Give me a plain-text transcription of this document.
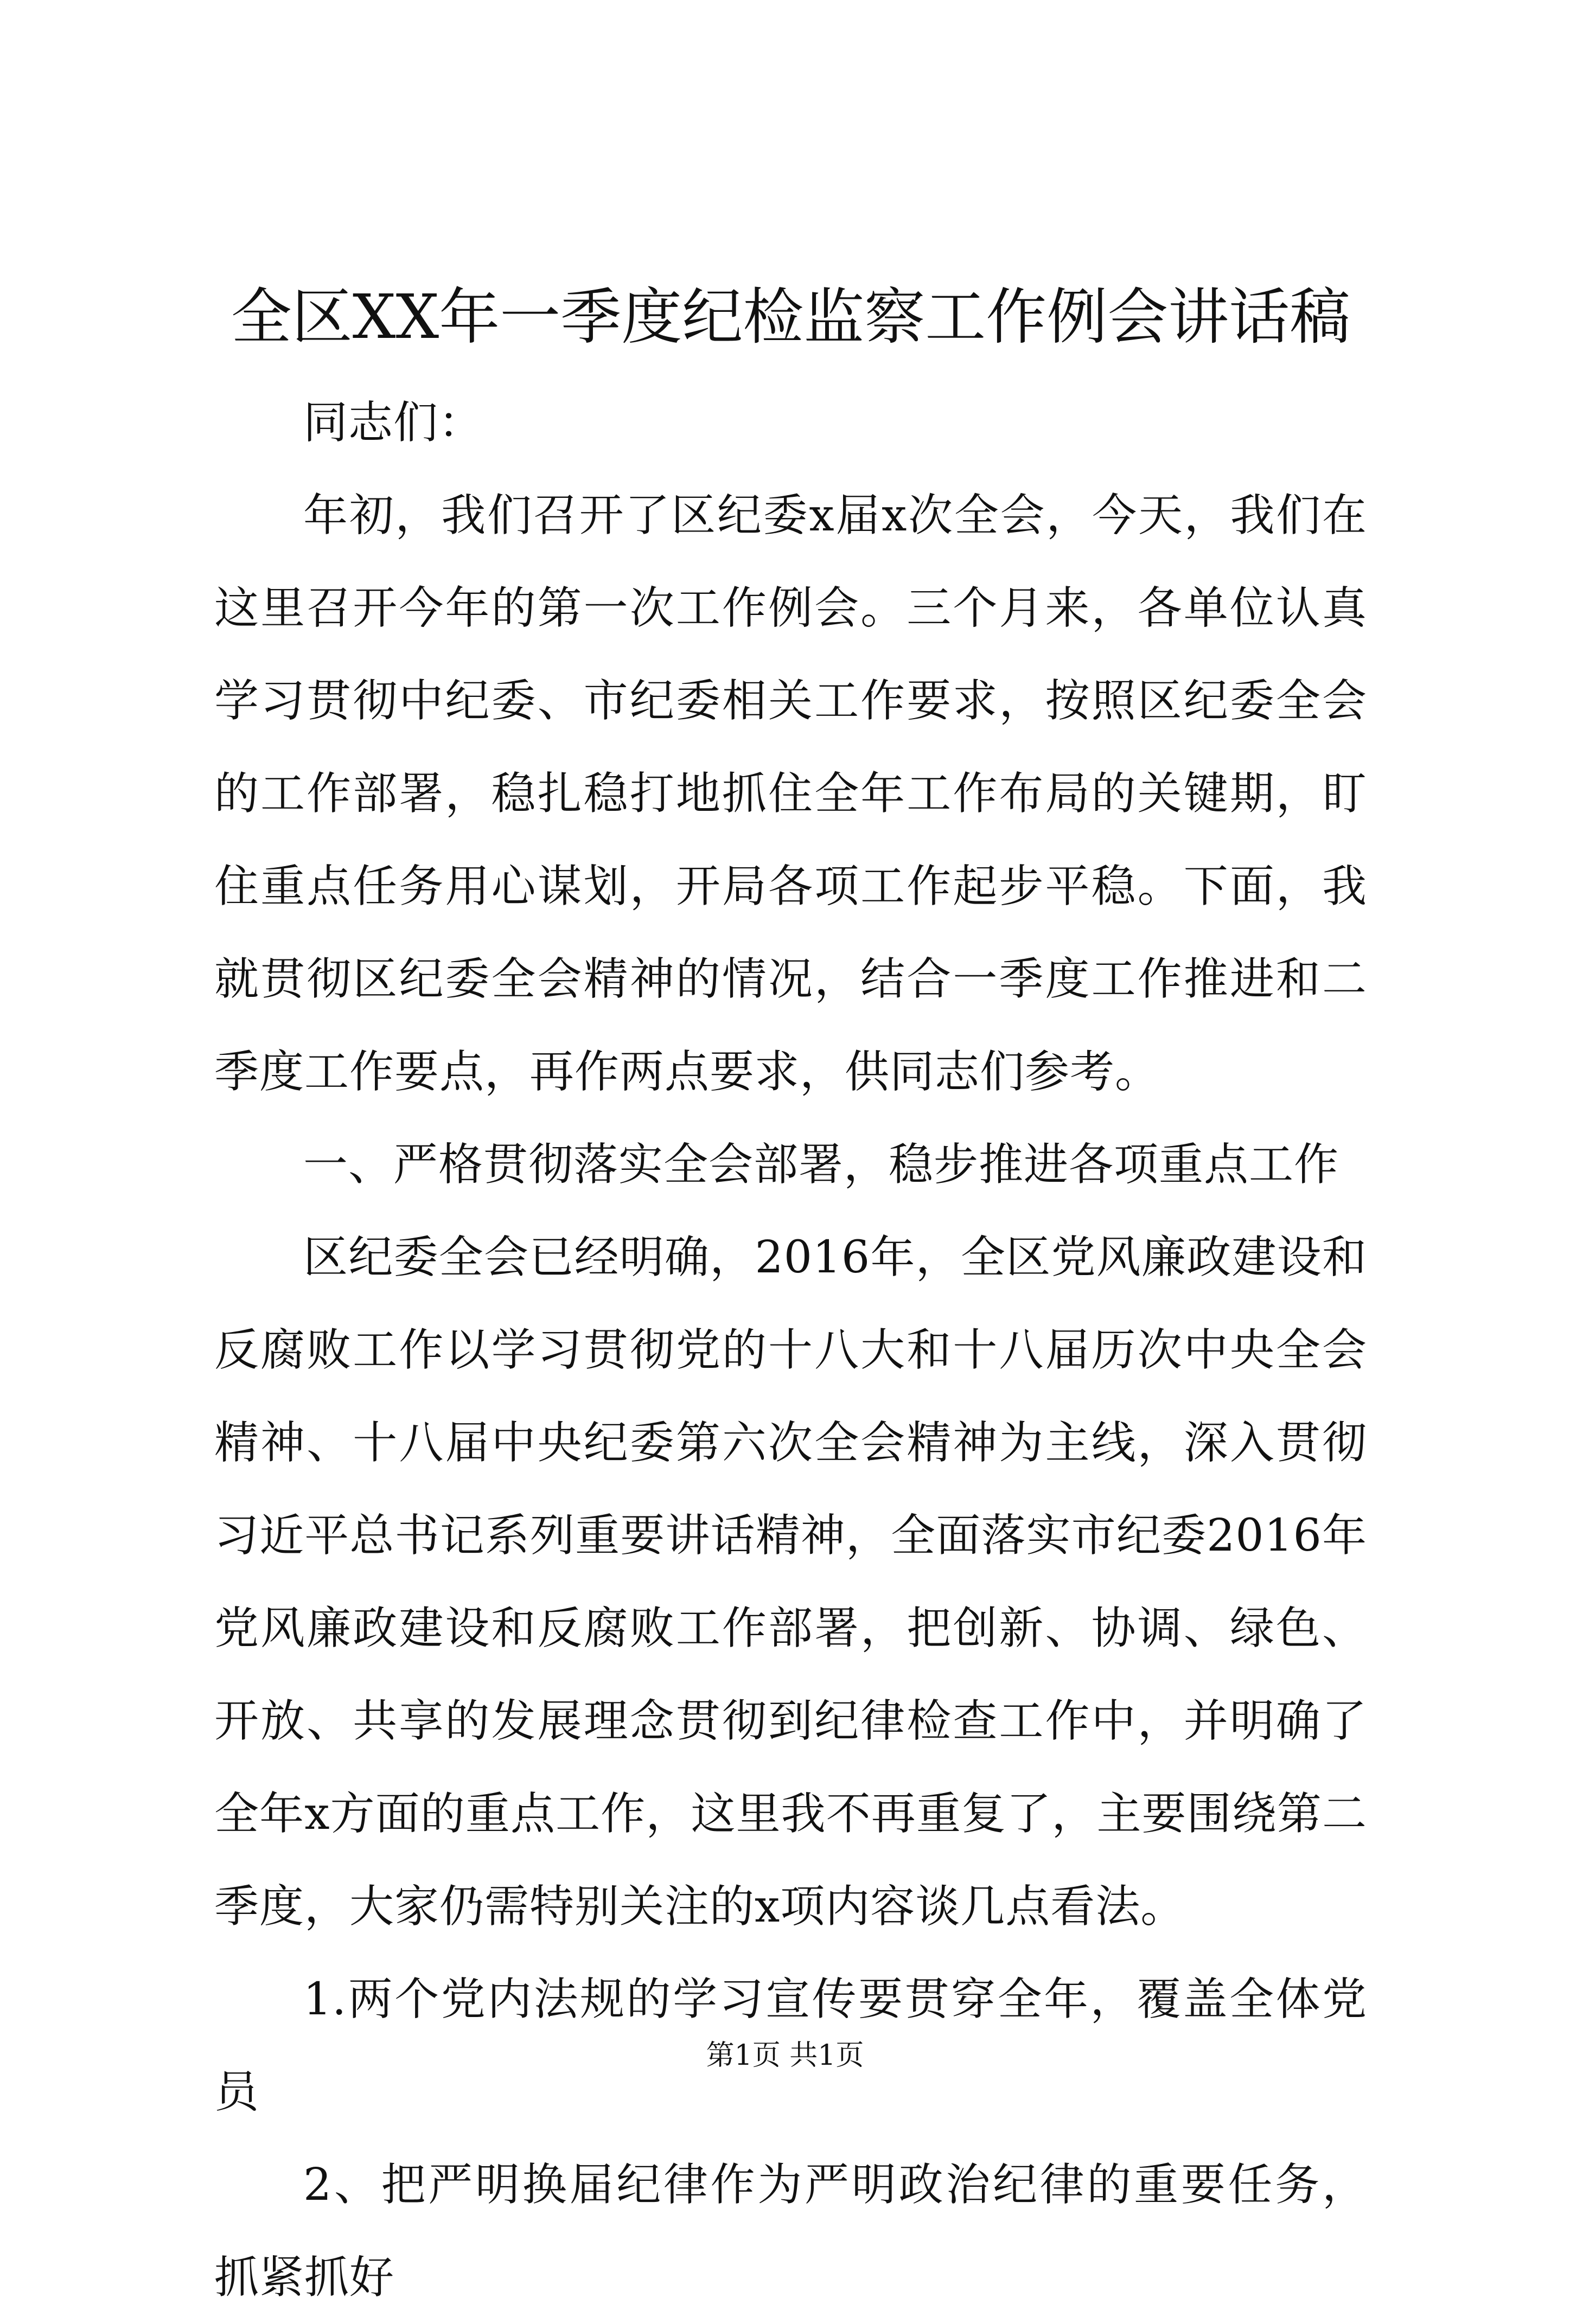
全区XX年一季度纪检监察工作例会讲话稿

同志们：

年初，我们召开了区纪委x届x次全会，今天，我们在这里召开今年的第一次工作例会。三个月来，各单位认真学习贯彻中纪委、市纪委相关工作要求，按照区纪委全会的工作部署，稳扎稳打地抓住全年工作布局的关键期，盯住重点任务用心谋划，开局各项工作起步平稳。下面，我就贯彻区纪委全会精神的情况，结合一季度工作推进和二季度工作要点，再作两点要求，供同志们参考。

一、严格贯彻落实全会部署，稳步推进各项重点工作

区纪委全会已经明确，2016年，全区党风廉政建设和反腐败工作以学习贯彻党的十八大和十八届历次中央全会精神、十八届中央纪委第六次全会精神为主线，深入贯彻习近平总书记系列重要讲话精神，全面落实市纪委2016年党风廉政建设和反腐败工作部署，把创新、协调、绿色、开放、共享的发展理念贯彻到纪律检查工作中，并明确了全年x方面的重点工作，这里我不再重复了，主要围绕第二季度，大家仍需特别关注的x项内容谈几点看法。

1.两个党内法规的学习宣传要贯穿全年，覆盖全体党员

2、把严明换届纪律作为严明政治纪律的重要任务，抓紧抓好

第1页 共1页
